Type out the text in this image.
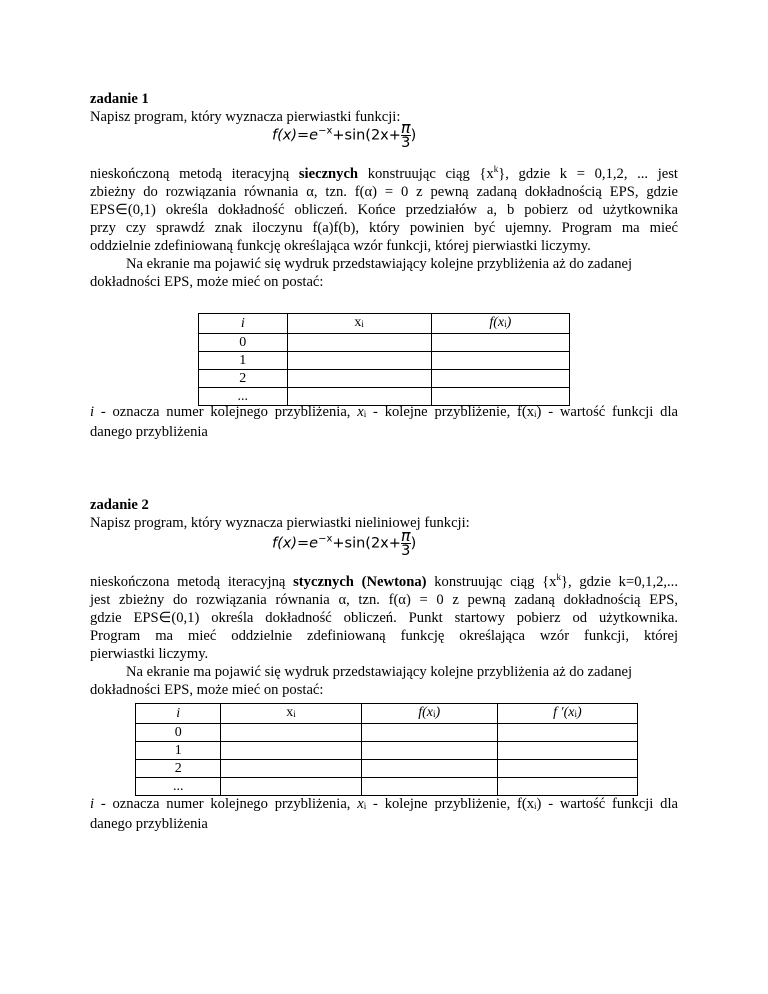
zadanie 1
Napisz program, który wyznacza pierwiastki funkcji:
$f(x)=e^{-x}+\sin(2x+ \frac{\pi}{3}$ )
nieskończoną metodą iteracyjną siecznych konstruując ciąg $\{x^k\}$, gdzie k = 0,1,2, ... jest
zbieżny do rozwiązania równania α, tzn. f(α) = 0 z pewną zadaną dokładnością EPS, gdzie
EPS∈(0,1) określa dokładność obliczeń. Końce przedziałów a, b pobierz od użytkownika
przy czy sprawdź znak iloczynu f(a)f(b), który powinien być ujemny. Program ma mieć
oddzielnie zdefiniowaną funkcję określająca wzór funkcji, której pierwiastki liczymy.
Na ekranie ma pojawić się wydruk przedstawiający kolejne przybliżenia aż do zadanej
dokładności EPS, może mieć on postać:
i	xi	f(xi)
0		
1		
2		
...		
i - oznacza numer kolejnego przybliżenia, xi - kolejne przybliżenie, f(xi) - wartość funkcji dla
danego przybliżenia
zadanie 2
Napisz program, który wyznacza pierwiastki nieliniowej funkcji:
$f(x)=e^{-x}+\sin(2x+ \frac{\pi}{3}$ )
nieskończona metodą iteracyjną stycznych (Newtona) konstruując ciąg $\{x^k\}$, gdzie k=0,1,2,...
jest zbieżny do rozwiązania równania α, tzn. f(α) = 0 z pewną zadaną dokładnością EPS,
gdzie EPS∈(0,1) określa dokładność obliczeń. Punkt startowy pobierz od użytkownika.
Program ma mieć oddzielnie zdefiniowaną funkcję określająca wzór funkcji, której
pierwiastki liczymy.
Na ekranie ma pojawić się wydruk przedstawiający kolejne przybliżenia aż do zadanej
dokładności EPS, może mieć on postać:
i	xi	f(xi)	f ′(xi)
0			
1			
2			
...			
i - oznacza numer kolejnego przybliżenia, xi - kolejne przybliżenie, f(xi) - wartość funkcji dla
danego przybliżenia
